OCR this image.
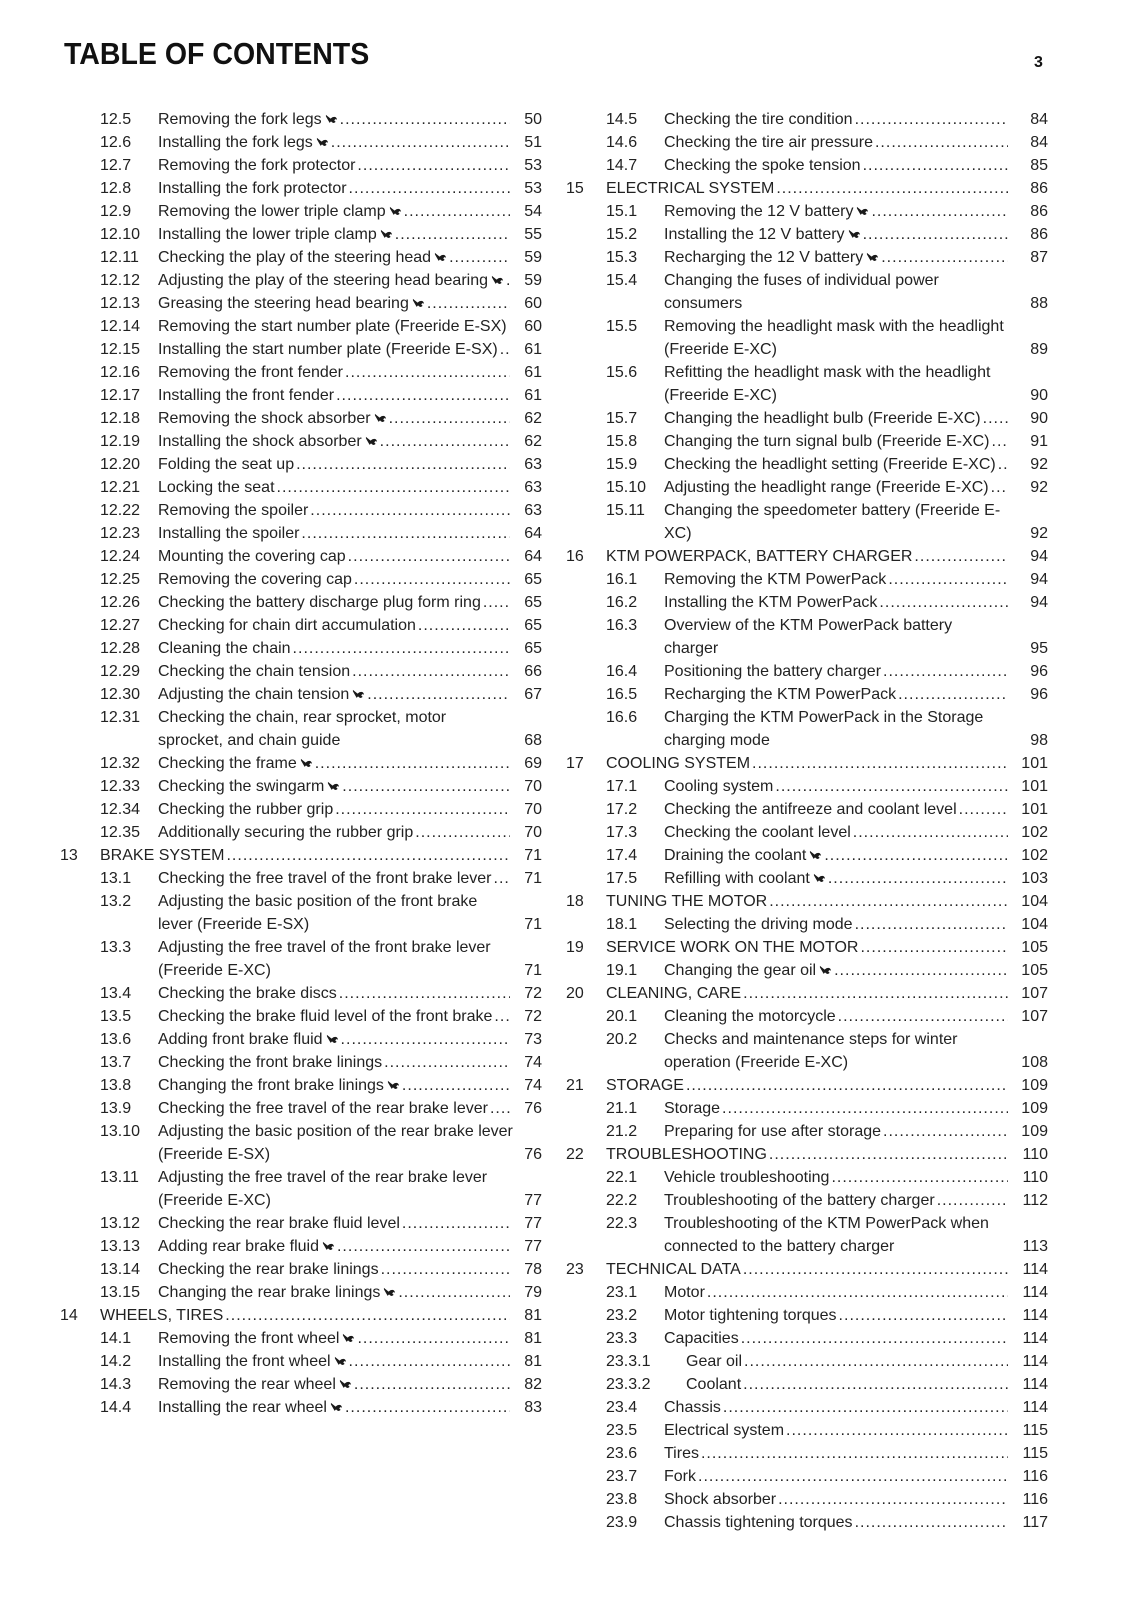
TABLE OF CONTENTS	3
12.5 Removing the fork legs .....	50
12.6 Installing the fork legs .....	51
12.7 Removing the fork protector .....	53
12.8 Installing the fork protector .....	53
12.9 Removing the lower triple clamp .....	54
12.10 Installing the lower triple clamp .....	55
12.11 Checking the play of the steering head .....	59
12.12 Adjusting the play of the steering head bearing .....	59
12.13 Greasing the steering head bearing .....	60
12.14 Removing the start number plate (Freeride E-SX) .....	60
12.15 Installing the start number plate (Freeride E-SX) .....	61
12.16 Removing the front fender .....	61
12.17 Installing the front fender .....	61
12.18 Removing the shock absorber .....	62
12.19 Installing the shock absorber .....	62
12.20 Folding the seat up .....	63
12.21 Locking the seat .....	63
12.22 Removing the spoiler .....	63
12.23 Installing the spoiler .....	64
12.24 Mounting the covering cap .....	64
12.25 Removing the covering cap .....	65
12.26 Checking the battery discharge plug form ring .....	65
12.27 Checking for chain dirt accumulation .....	65
12.28 Cleaning the chain .....	65
12.29 Checking the chain tension .....	66
12.30 Adjusting the chain tension .....	67
12.31 Checking the chain, rear sprocket, motor sprocket, and chain guide	68
12.32 Checking the frame .....	69
12.33 Checking the swingarm .....	70
12.34 Checking the rubber grip .....	70
12.35 Additionally securing the rubber grip .....	70
13 BRAKE SYSTEM .....	71
13.1 Checking the free travel of the front brake lever .....	71
13.2 Adjusting the basic position of the front brake lever (Freeride E-SX)	71
13.3 Adjusting the free travel of the front brake lever (Freeride E-XC)	71
13.4 Checking the brake discs .....	72
13.5 Checking the brake fluid level of the front brake .....	72
13.6 Adding front brake fluid .....	73
13.7 Checking the front brake linings .....	74
13.8 Changing the front brake linings .....	74
13.9 Checking the free travel of the rear brake lever .....	76
13.10 Adjusting the basic position of the rear brake lever (Freeride E-SX)	76
13.11 Adjusting the free travel of the rear brake lever (Freeride E-XC)	77
13.12 Checking the rear brake fluid level .....	77
13.13 Adding rear brake fluid .....	77
13.14 Checking the rear brake linings .....	78
13.15 Changing the rear brake linings .....	79
14 WHEELS, TIRES .....	81
14.1 Removing the front wheel .....	81
14.2 Installing the front wheel .....	81
14.3 Removing the rear wheel .....	82
14.4 Installing the rear wheel .....	83
14.5 Checking the tire condition .....	84
14.6 Checking the tire air pressure .....	84
14.7 Checking the spoke tension .....	85
15 ELECTRICAL SYSTEM .....	86
15.1 Removing the 12 V battery .....	86
15.2 Installing the 12 V battery .....	86
15.3 Recharging the 12 V battery .....	87
15.4 Changing the fuses of individual power consumers	88
15.5 Removing the headlight mask with the headlight (Freeride E-XC)	89
15.6 Refitting the headlight mask with the headlight (Freeride E-XC)	90
15.7 Changing the headlight bulb (Freeride E-XC) .....	90
15.8 Changing the turn signal bulb (Freeride E-XC) .....	91
15.9 Checking the headlight setting (Freeride E-XC) .....	92
15.10 Adjusting the headlight range (Freeride E-XC) .....	92
15.11 Changing the speedometer battery (Freeride E-XC)	92
16 KTM POWERPACK, BATTERY CHARGER .....	94
16.1 Removing the KTM PowerPack .....	94
16.2 Installing the KTM PowerPack .....	94
16.3 Overview of the KTM PowerPack battery charger	95
16.4 Positioning the battery charger .....	96
16.5 Recharging the KTM PowerPack .....	96
16.6 Charging the KTM PowerPack in the Storage charging mode	98
17 COOLING SYSTEM .....	101
17.1 Cooling system .....	101
17.2 Checking the antifreeze and coolant level .....	101
17.3 Checking the coolant level .....	102
17.4 Draining the coolant .....	102
17.5 Refilling with coolant .....	103
18 TUNING THE MOTOR .....	104
18.1 Selecting the driving mode .....	104
19 SERVICE WORK ON THE MOTOR .....	105
19.1 Changing the gear oil .....	105
20 CLEANING, CARE .....	107
20.1 Cleaning the motorcycle .....	107
20.2 Checks and maintenance steps for winter operation (Freeride E-XC)	108
21 STORAGE .....	109
21.1 Storage .....	109
21.2 Preparing for use after storage .....	109
22 TROUBLESHOOTING .....	110
22.1 Vehicle troubleshooting .....	110
22.2 Troubleshooting of the battery charger .....	112
22.3 Troubleshooting of the KTM PowerPack when connected to the battery charger	113
23 TECHNICAL DATA .....	114
23.1 Motor .....	114
23.2 Motor tightening torques .....	114
23.3 Capacities .....	114
23.3.1 Gear oil .....	114
23.3.2 Coolant .....	114
23.4 Chassis .....	114
23.5 Electrical system .....	115
23.6 Tires .....	115
23.7 Fork .....	116
23.8 Shock absorber .....	116
23.9 Chassis tightening torques .....	117
